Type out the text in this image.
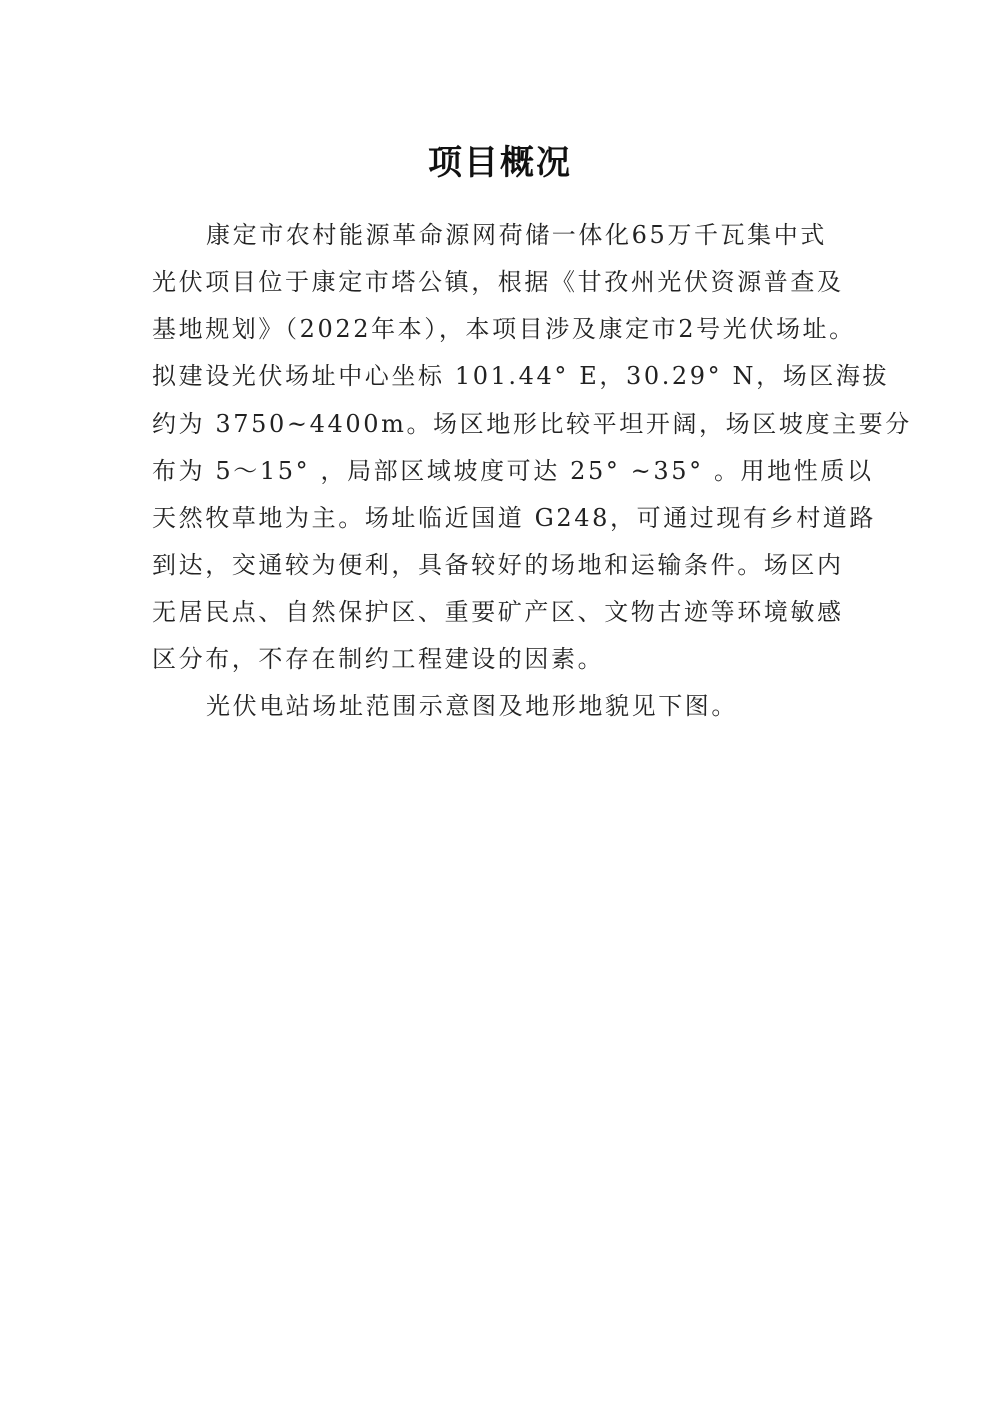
项目概况
康定市农村能源革命源网荷储一体化65万千瓦集中式
光伏项目位于康定市塔公镇，根据《甘孜州光伏资源普查及
基地规划》（2022年本），本项目涉及康定市2号光伏场址。
拟建设光伏场址中心坐标 101.44° E，30.29° N，场区海拔
约为 3750~4400m。场区地形比较平坦开阔，场区坡度主要分
布为 5～15° ，局部区域坡度可达 25° ~35° 。用地性质以
天然牧草地为主。场址临近国道 G248，可通过现有乡村道路
到达，交通较为便利，具备较好的场地和运输条件。场区内
无居民点、自然保护区、重要矿产区、文物古迹等环境敏感
区分布，不存在制约工程建设的因素。
光伏电站场址范围示意图及地形地貌见下图。
